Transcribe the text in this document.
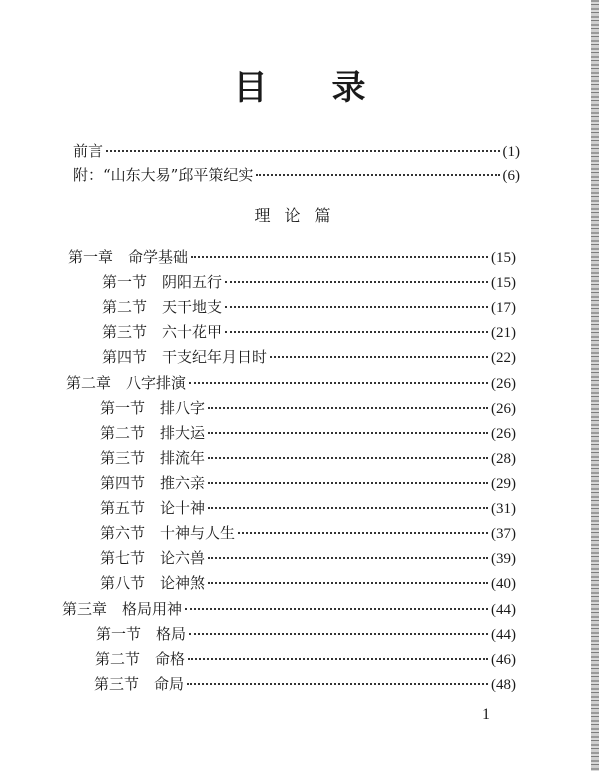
目 录
前言	(1)
附：“山东大易”邱平策纪实	(6)
理论篇
第一章　命学基础	(15)
第一节　阴阳五行	(15)
第二节　天干地支	(17)
第三节　六十花甲	(21)
第四节　干支纪年月日时	(22)
第二章　八字排演	(26)
第一节　排八字	(26)
第二节　排大运	(26)
第三节　排流年	(28)
第四节　推六亲	(29)
第五节　论十神	(31)
第六节　十神与人生	(37)
第七节　论六兽	(39)
第八节　论神煞	(40)
第三章　格局用神	(44)
第一节　格局	(44)
第二节　命格	(46)
第三节　命局	(48)
1
